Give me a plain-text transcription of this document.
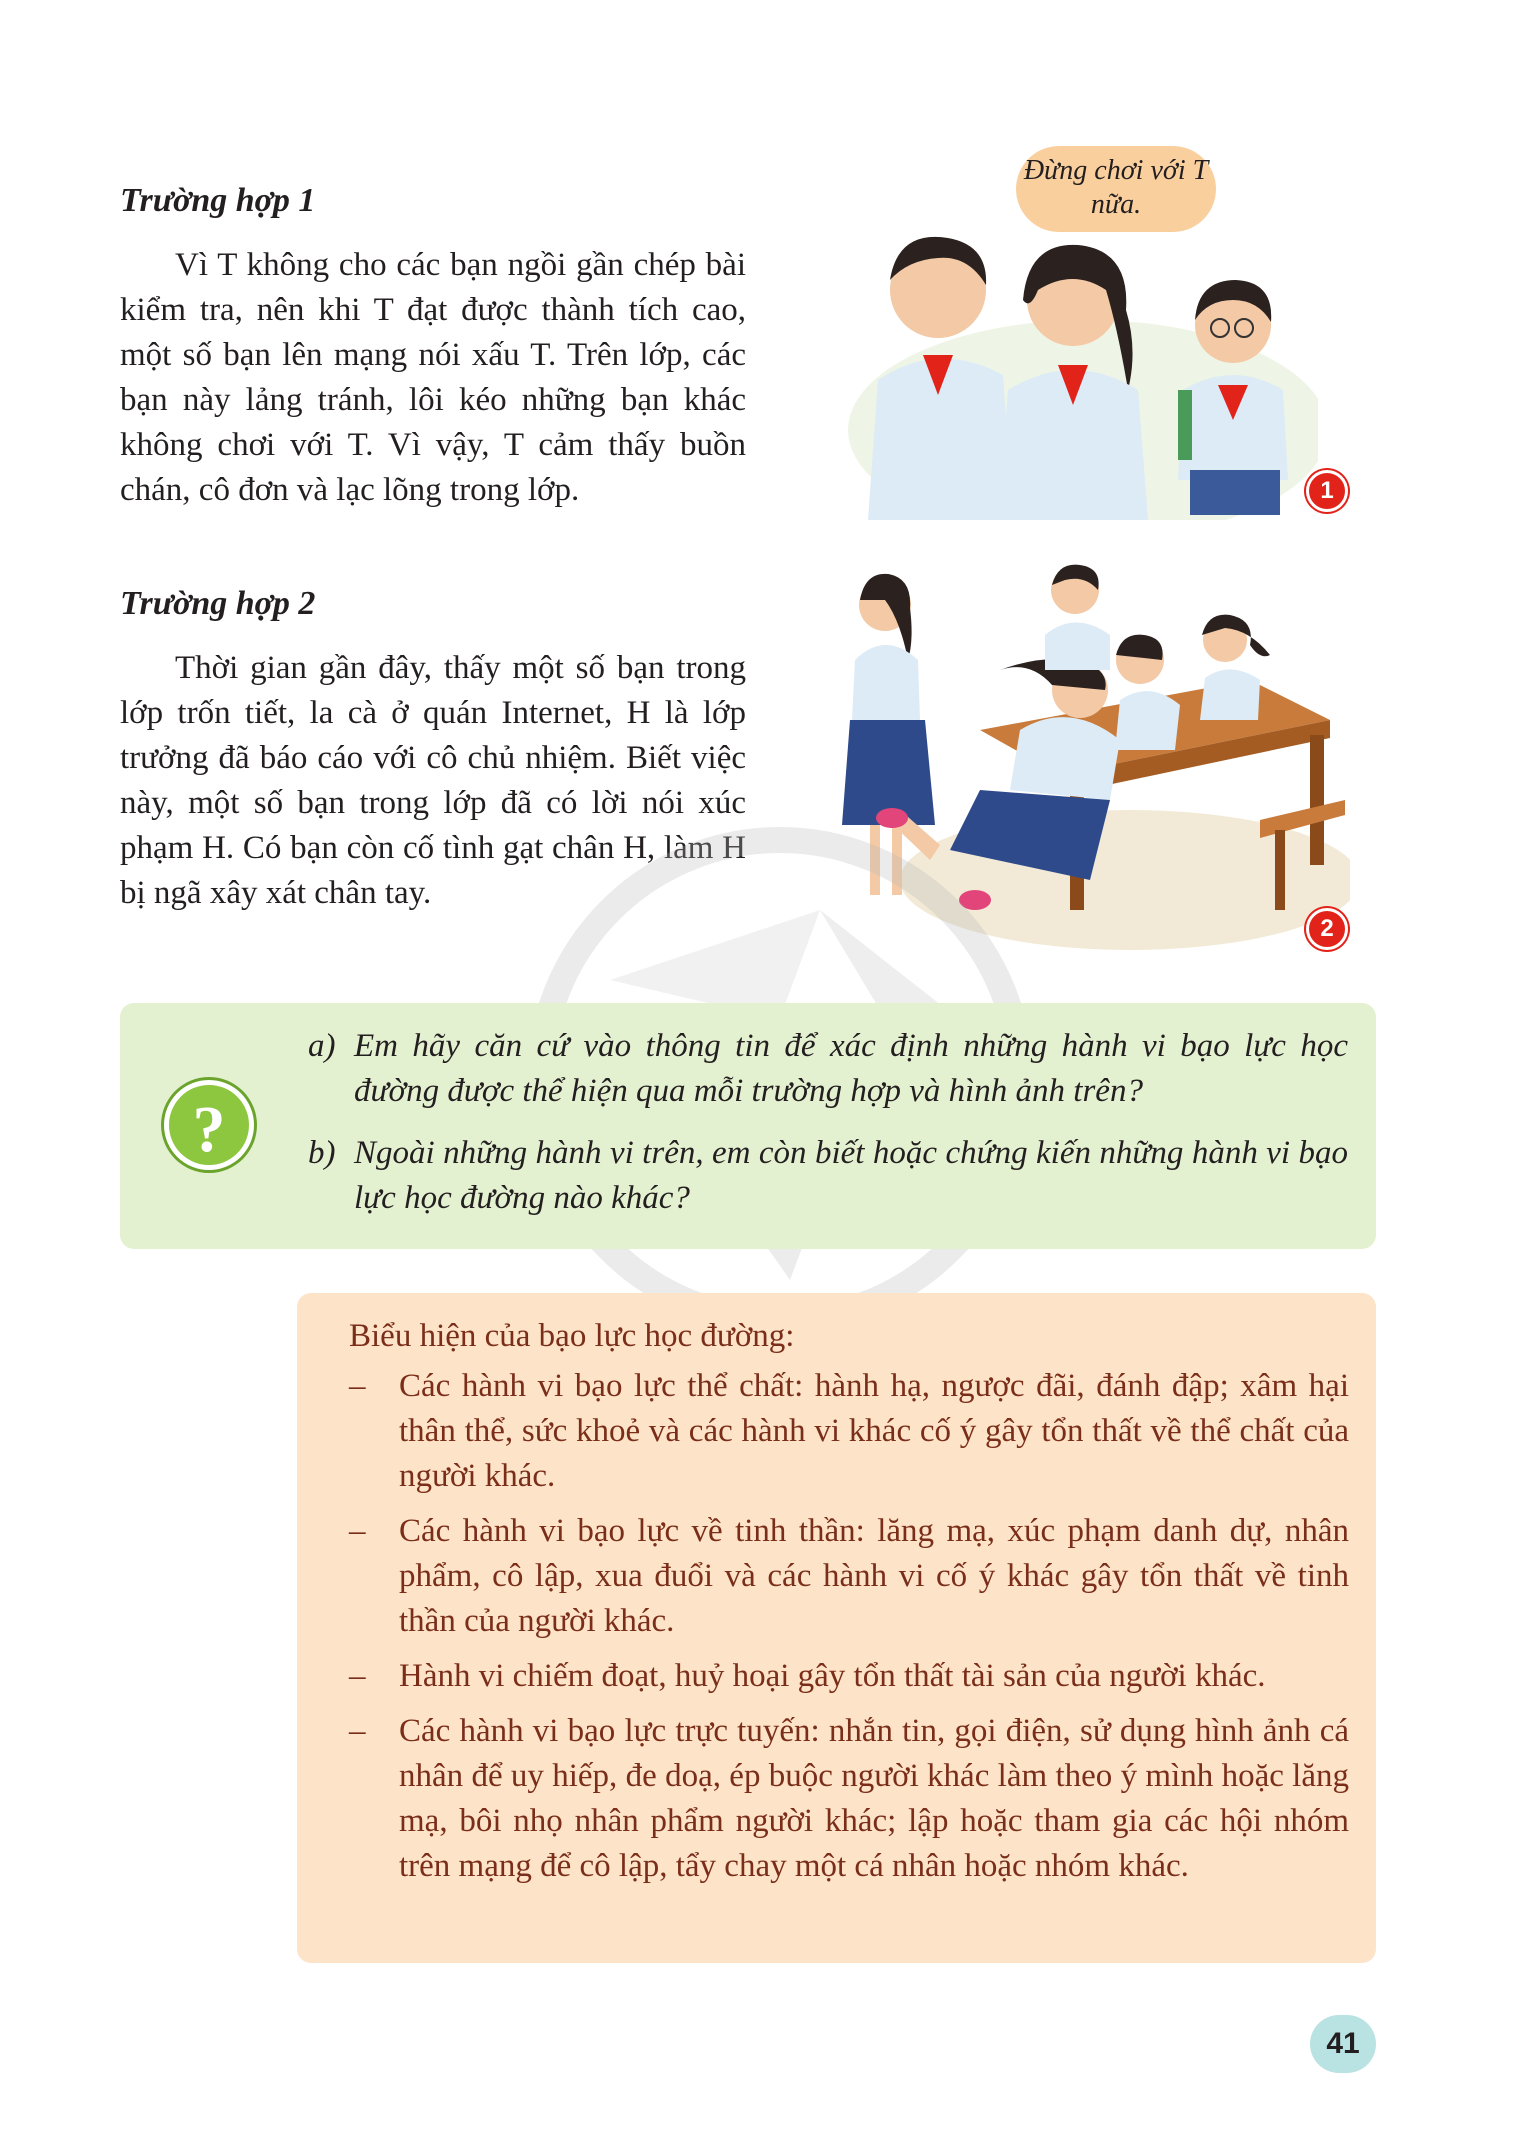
Trường hợp 1

Vì T không cho các bạn ngồi gần chép bài kiểm tra, nên khi T đạt được thành tích cao, một số bạn lên mạng nói xấu T. Trên lớp, các bạn này lảng tránh, lôi kéo những bạn khác không chơi với T. Vì vậy, T cảm thấy buồn chán, cô đơn và lạc lõng trong lớp.

Đừng chơi với T nữa.
1
Trường hợp 2

Thời gian gần đây, thấy một số bạn trong lớp trốn tiết, la cà ở quán Internet, H là lớp trưởng đã báo cáo với cô chủ nhiệm. Biết việc này, một số bạn trong lớp đã có lời nói xúc phạm H. Có bạn còn cố tình gạt chân H, làm H bị ngã xây xát chân tay.

2
?
a) Em hãy căn cứ vào thông tin để xác định những hành vi bạo lực học đường được thể hiện qua mỗi trường hợp và hình ảnh trên?
b) Ngoài những hành vi trên, em còn biết hoặc chứng kiến những hành vi bạo lực học đường nào khác?
Biểu hiện của bạo lực học đường:
– Các hành vi bạo lực thể chất: hành hạ, ngược đãi, đánh đập; xâm hại thân thể, sức khoẻ và các hành vi khác cố ý gây tổn thất về thể chất của người khác.
– Các hành vi bạo lực về tinh thần: lăng mạ, xúc phạm danh dự, nhân phẩm, cô lập, xua đuổi và các hành vi cố ý khác gây tổn thất về tinh thần của người khác.
– Hành vi chiếm đoạt, huỷ hoại gây tổn thất tài sản của người khác.
– Các hành vi bạo lực trực tuyến: nhắn tin, gọi điện, sử dụng hình ảnh cá nhân để uy hiếp, đe doạ, ép buộc người khác làm theo ý mình hoặc lăng mạ, bôi nhọ nhân phẩm người khác; lập hoặc tham gia các hội nhóm trên mạng để cô lập, tẩy chay một cá nhân hoặc nhóm khác.
41
